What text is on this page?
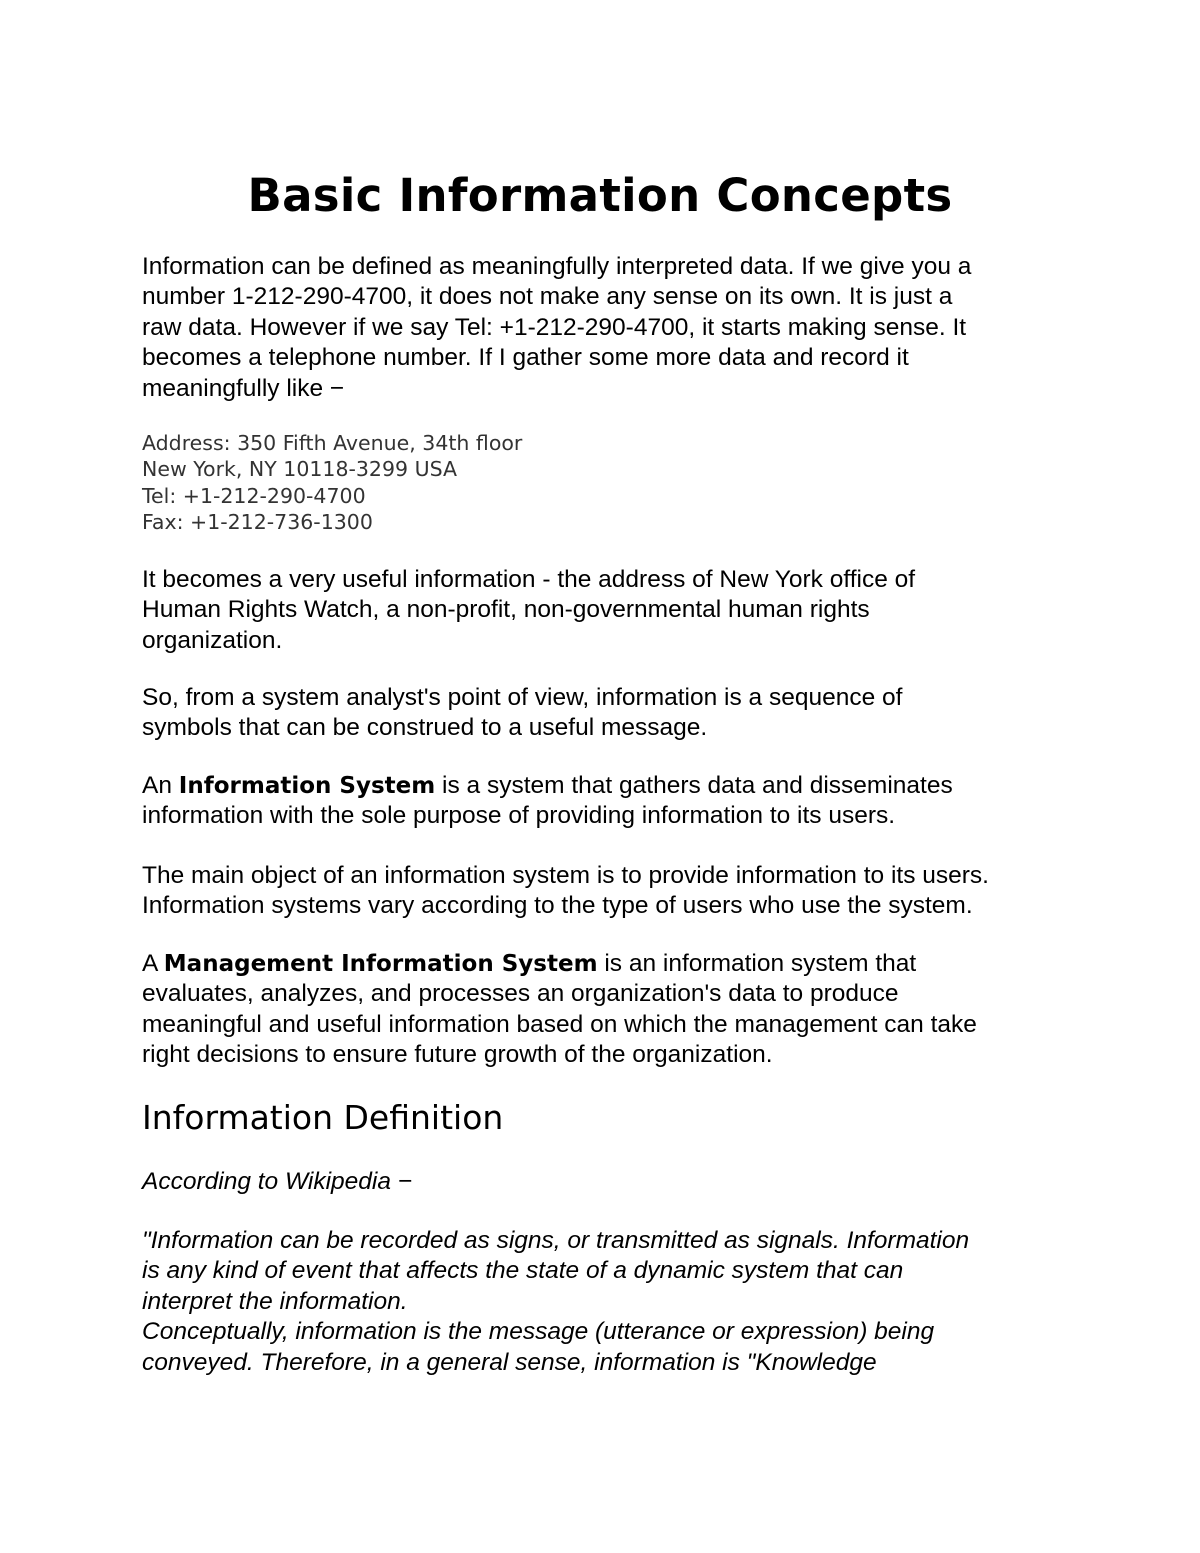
Basic Information Concepts

Information can be defined as meaningfully interpreted data. If we give you a
number 1-212-290-4700, it does not make any sense on its own. It is just a
raw data. However if we say Tel: +1-212-290-4700, it starts making sense. It
becomes a telephone number. If I gather some more data and record it
meaningfully like −

Address: 350 Fifth Avenue, 34th floor
New York, NY 10118-3299 USA
Tel: +1-212-290-4700
Fax: +1-212-736-1300

It becomes a very useful information - the address of New York office of
Human Rights Watch, a non-profit, non-governmental human rights
organization.

So, from a system analyst's point of view, information is a sequence of
symbols that can be construed to a useful message.

An Information System is a system that gathers data and disseminates
information with the sole purpose of providing information to its users.

The main object of an information system is to provide information to its users.
Information systems vary according to the type of users who use the system.

A Management Information System is an information system that
evaluates, analyzes, and processes an organization's data to produce
meaningful and useful information based on which the management can take
right decisions to ensure future growth of the organization.

Information Definition

According to Wikipedia −

"Information can be recorded as signs, or transmitted as signals. Information
is any kind of event that affects the state of a dynamic system that can
interpret the information.
Conceptually, information is the message (utterance or expression) being
conveyed. Therefore, in a general sense, information is "Knowledge
